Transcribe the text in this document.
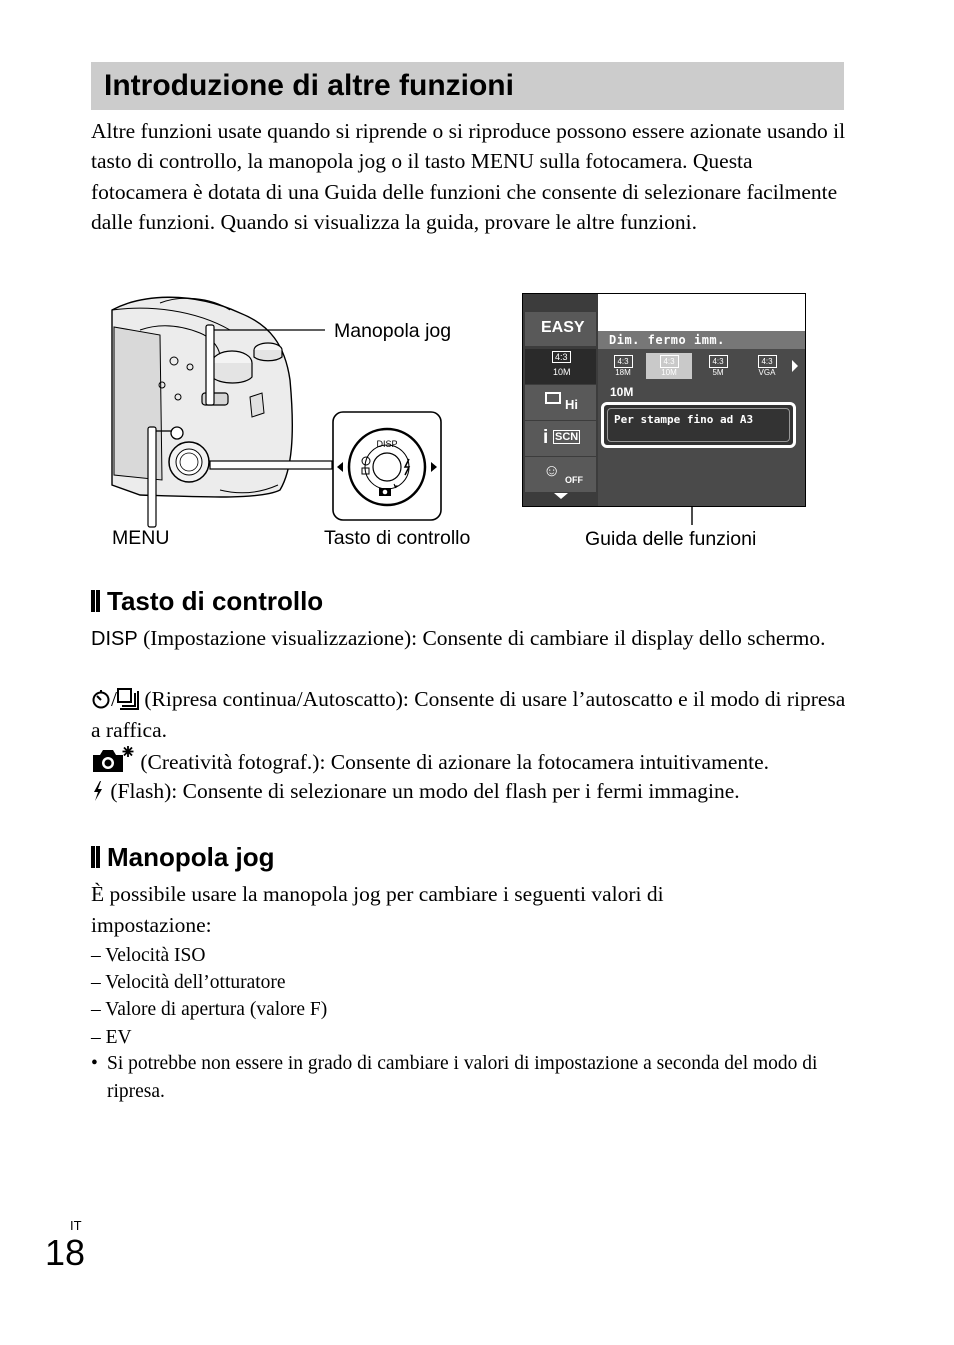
Introduzione di altre funzioni

Altre funzioni usate quando si riprende o si riproduce possono essere azionate usando il tasto di controllo, la manopola jog o il tasto MENU sulla fotocamera. Questa fotocamera è dotata di una Guida delle funzioni che consente di selezionare facilmente dalle funzioni. Quando si visualizza la guida, provare le altre funzioni.

DISP
EASY
4:3
10M
Hi
i SCN
☺ OFF
Dim. fermo imm.
4:3
18M
4:3
10M
4:3
5M
4:3
VGA
10M
Per stampe fino ad A3
Manopola jog
MENU	Tasto di controllo	Guida delle funzioni
Tasto di controllo

DISP (Impostazione visualizzazione): Consente di cambiare il display dello schermo.

/ (Ripresa continua/Autoscatto): Consente di usare l’autoscatto e il modo di ripresa a raffica.

(Creatività fotograf.): Consente di azionare la fotocamera intuitivamente.

(Flash): Consente di selezionare un modo del flash per i fermi immagine.

Manopola jog

È possibile usare la manopola jog per cambiare i seguenti valori di impostazione:

– Velocità ISO
– Velocità dell’otturatore
– Valore di apertura (valore F)
– EV

• Si potrebbe non essere in grado di cambiare i valori di impostazione a seconda del modo di ripresa.

IT
18
